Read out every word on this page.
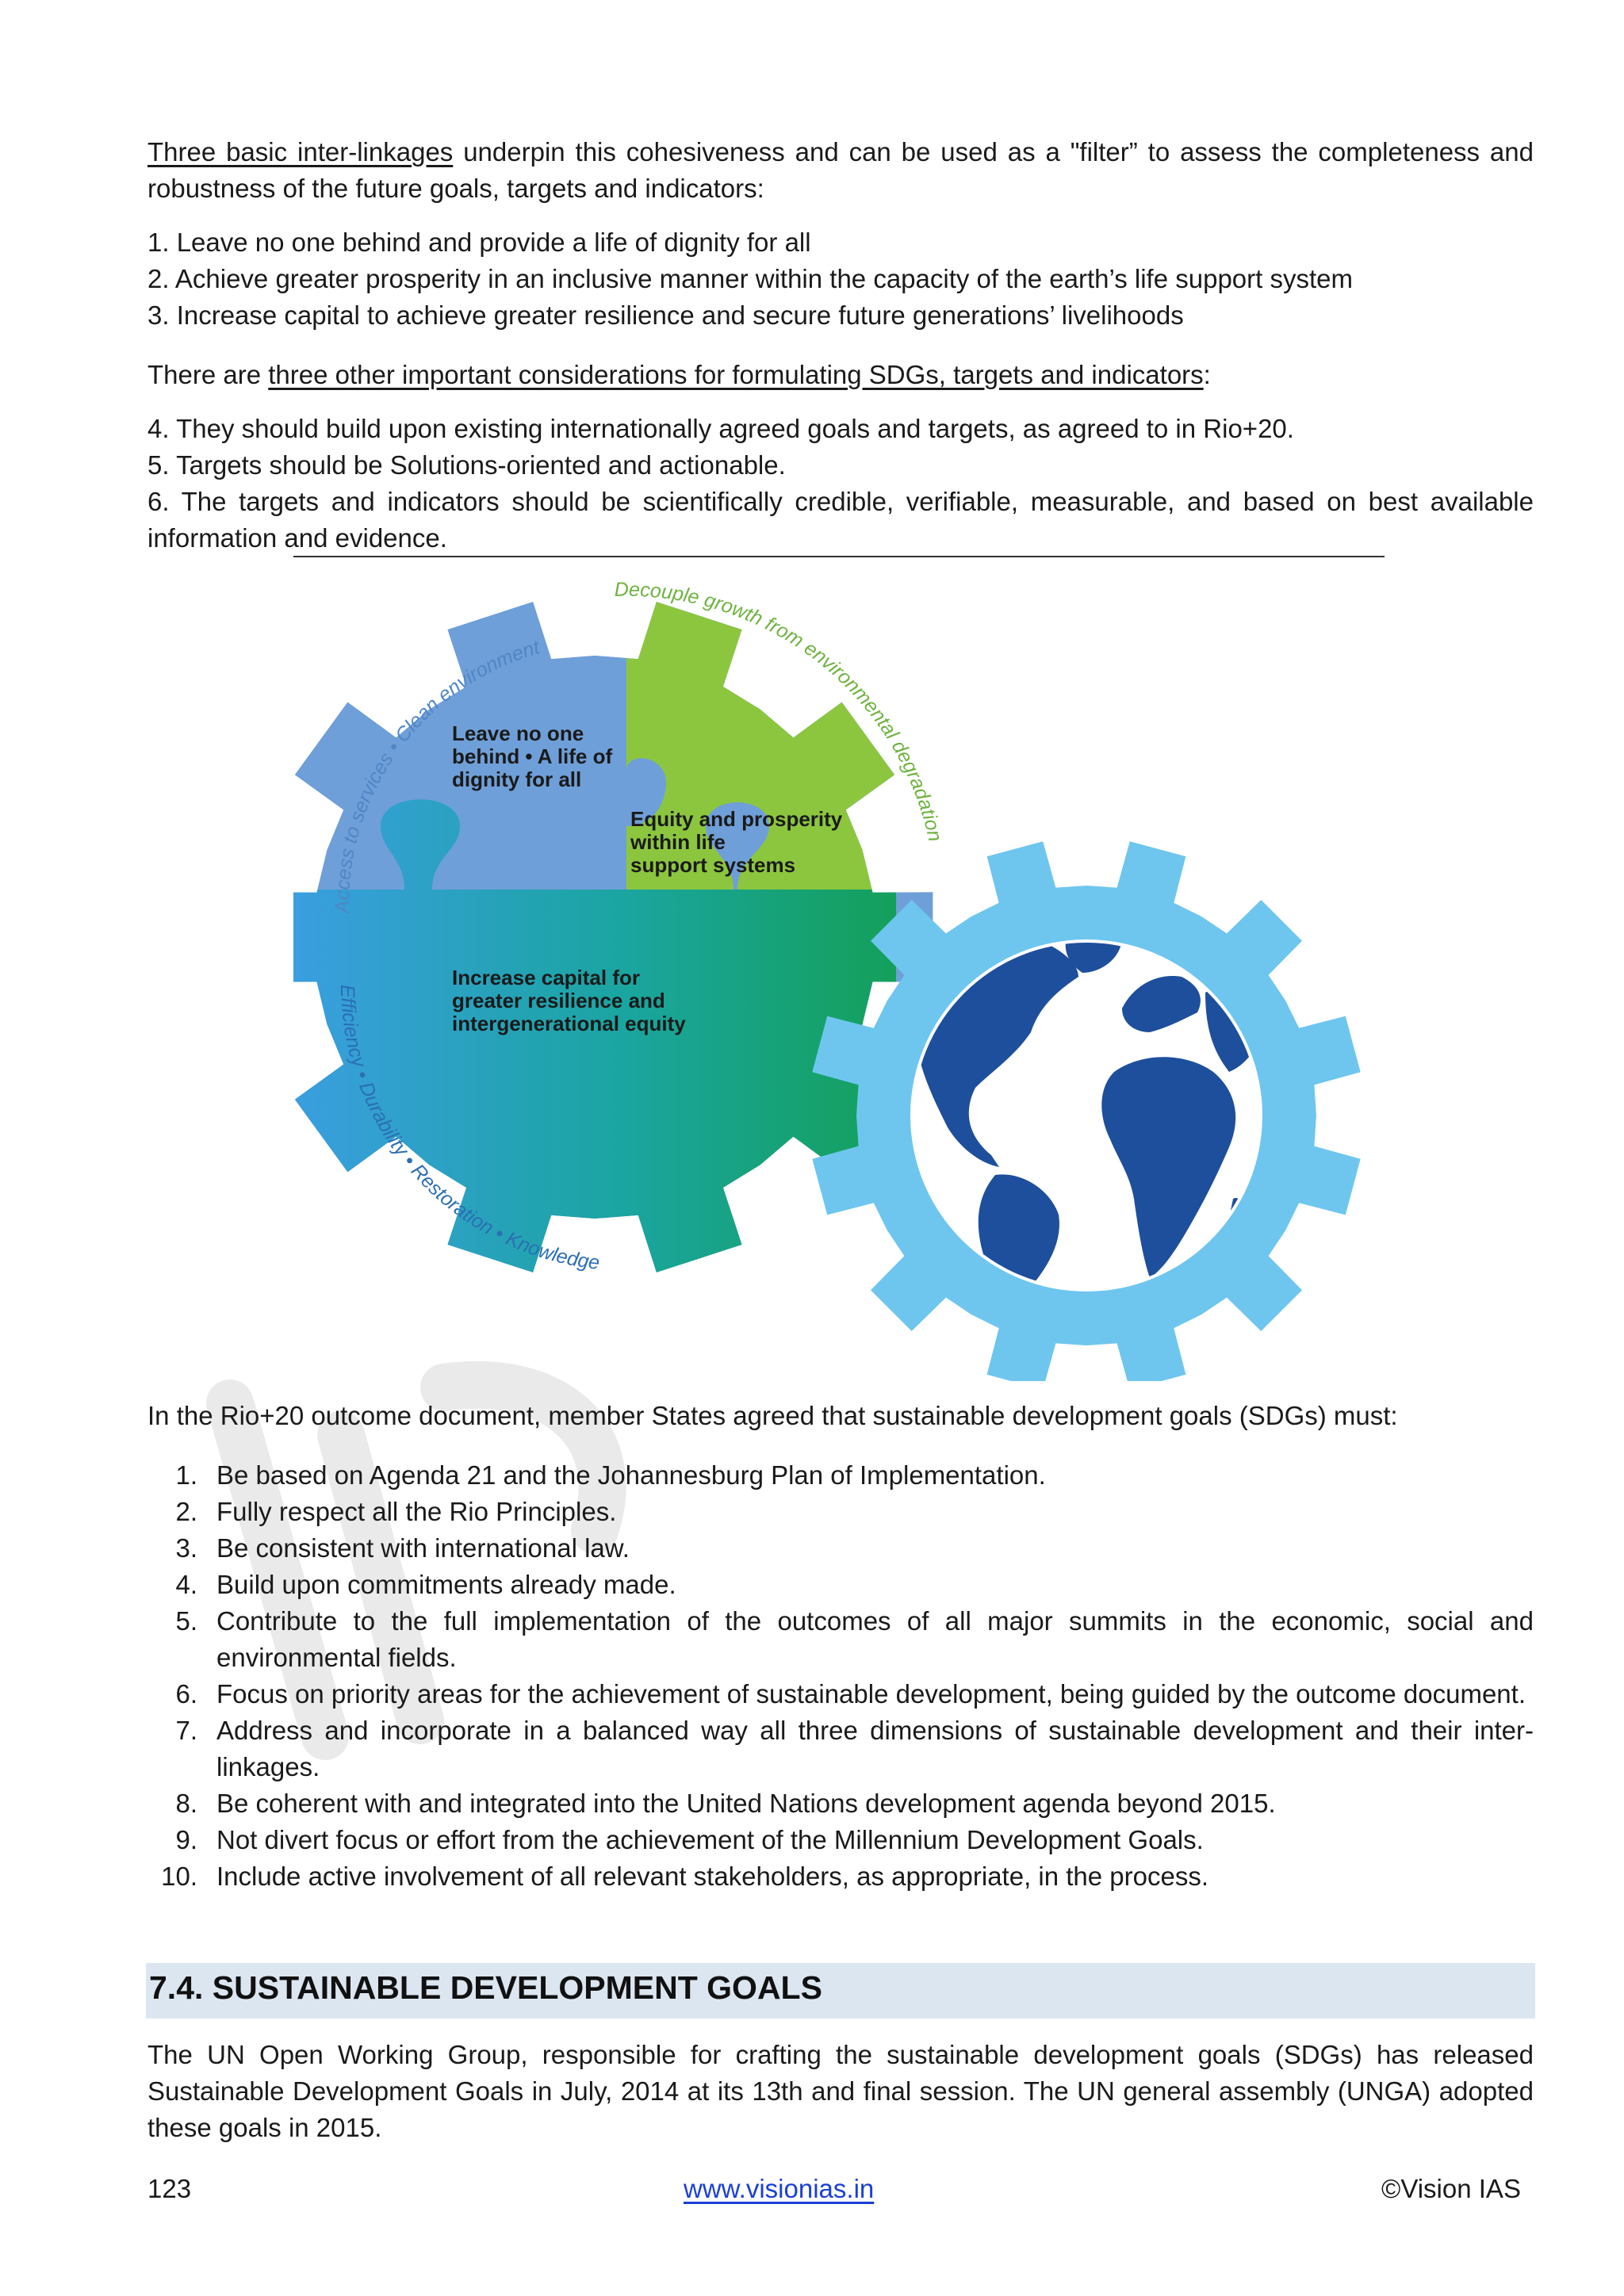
Three basic inter-linkages underpin this cohesiveness and can be used as a "filter” to assess the completeness and robustness of the future goals, targets and indicators:

1. Leave no one behind and provide a life of dignity for all
2. Achieve greater prosperity in an inclusive manner within the capacity of the earth’s life support system
3. Increase capital to achieve greater resilience and secure future generations’ livelihoods

There are three other important considerations for formulating SDGs, targets and indicators:

4. They should build upon existing internationally agreed goals and targets, as agreed to in Rio+20.
5. Targets should be Solutions-oriented and actionable.
6. The targets and indicators should be scientifically credible, verifiable, measurable, and based on best available information and evidence.
Leave no one
behind • A life of
dignity for all
Equity and prosperity
within life
support systems
Increase capital for
greater resilience and
intergenerational equity
Access to services • Clean environment
Decouple growth from environmental degradation
Efficiency • Durability • Restoration • Knowledge

In the Rio+20 outcome document, member States agreed that sustainable development goals (SDGs) must:

1. Be based on Agenda 21 and the Johannesburg Plan of Implementation.
2. Fully respect all the Rio Principles.
3. Be consistent with international law.
4. Build upon commitments already made.
5. Contribute to the full implementation of the outcomes of all major summits in the economic, social and environmental fields.
6. Focus on priority areas for the achievement of sustainable development, being guided by the outcome document.
7. Address and incorporate in a balanced way all three dimensions of sustainable development and their inter-linkages.
8. Be coherent with and integrated into the United Nations development agenda beyond 2015.
9. Not divert focus or effort from the achievement of the Millennium Development Goals.
10. Include active involvement of all relevant stakeholders, as appropriate, in the process.
7.4. SUSTAINABLE DEVELOPMENT GOALS

The UN Open Working Group, responsible for crafting the sustainable development goals (SDGs) has released Sustainable Development Goals in July, 2014 at its 13th and final session. The UN general assembly (UNGA) adopted these goals in 2015.

123	www.visionias.in	©Vision IAS
